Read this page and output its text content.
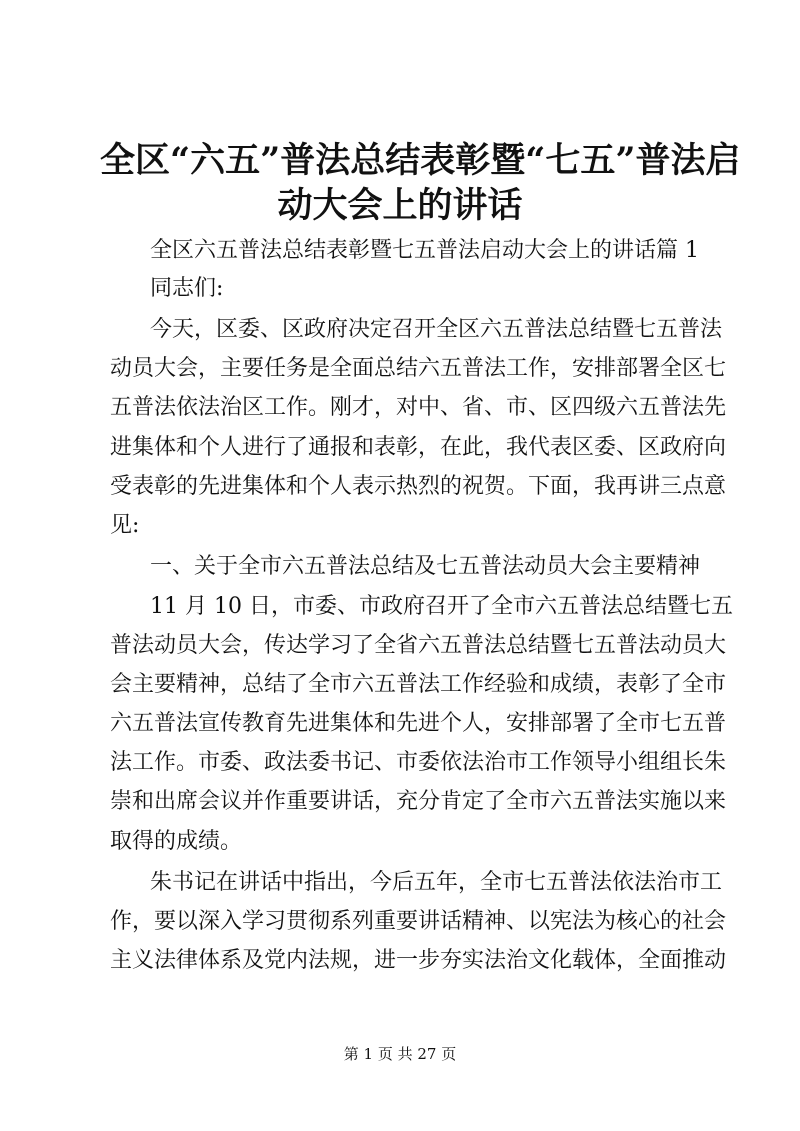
全区“六五”普法总结表彰暨“七五”普法启
动大会上的讲话
全区六五普法总结表彰暨七五普法启动大会上的讲话篇 1
同志们:
今天，区委、区政府决定召开全区六五普法总结暨七五普法
动员大会，主要任务是全面总结六五普法工作，安排部署全区七
五普法依法治区工作。刚才，对中、省、市、区四级六五普法先
进集体和个人进行了通报和表彰，在此，我代表区委、区政府向
受表彰的先进集体和个人表示热烈的祝贺。下面，我再讲三点意
见:
一、关于全市六五普法总结及七五普法动员大会主要精神
11 月 10 日，市委、市政府召开了全市六五普法总结暨七五
普法动员大会，传达学习了全省六五普法总结暨七五普法动员大
会主要精神，总结了全市六五普法工作经验和成绩，表彰了全市
六五普法宣传教育先进集体和先进个人，安排部署了全市七五普
法工作。市委、政法委书记、市委依法治市工作领导小组组长朱
崇和出席会议并作重要讲话，充分肯定了全市六五普法实施以来
取得的成绩。
朱书记在讲话中指出，今后五年，全市七五普法依法治市工
作，要以深入学习贯彻系列重要讲话精神、以宪法为核心的社会
主义法律体系及党内法规，进一步夯实法治文化载体，全面推动
第 1 页 共 27 页
